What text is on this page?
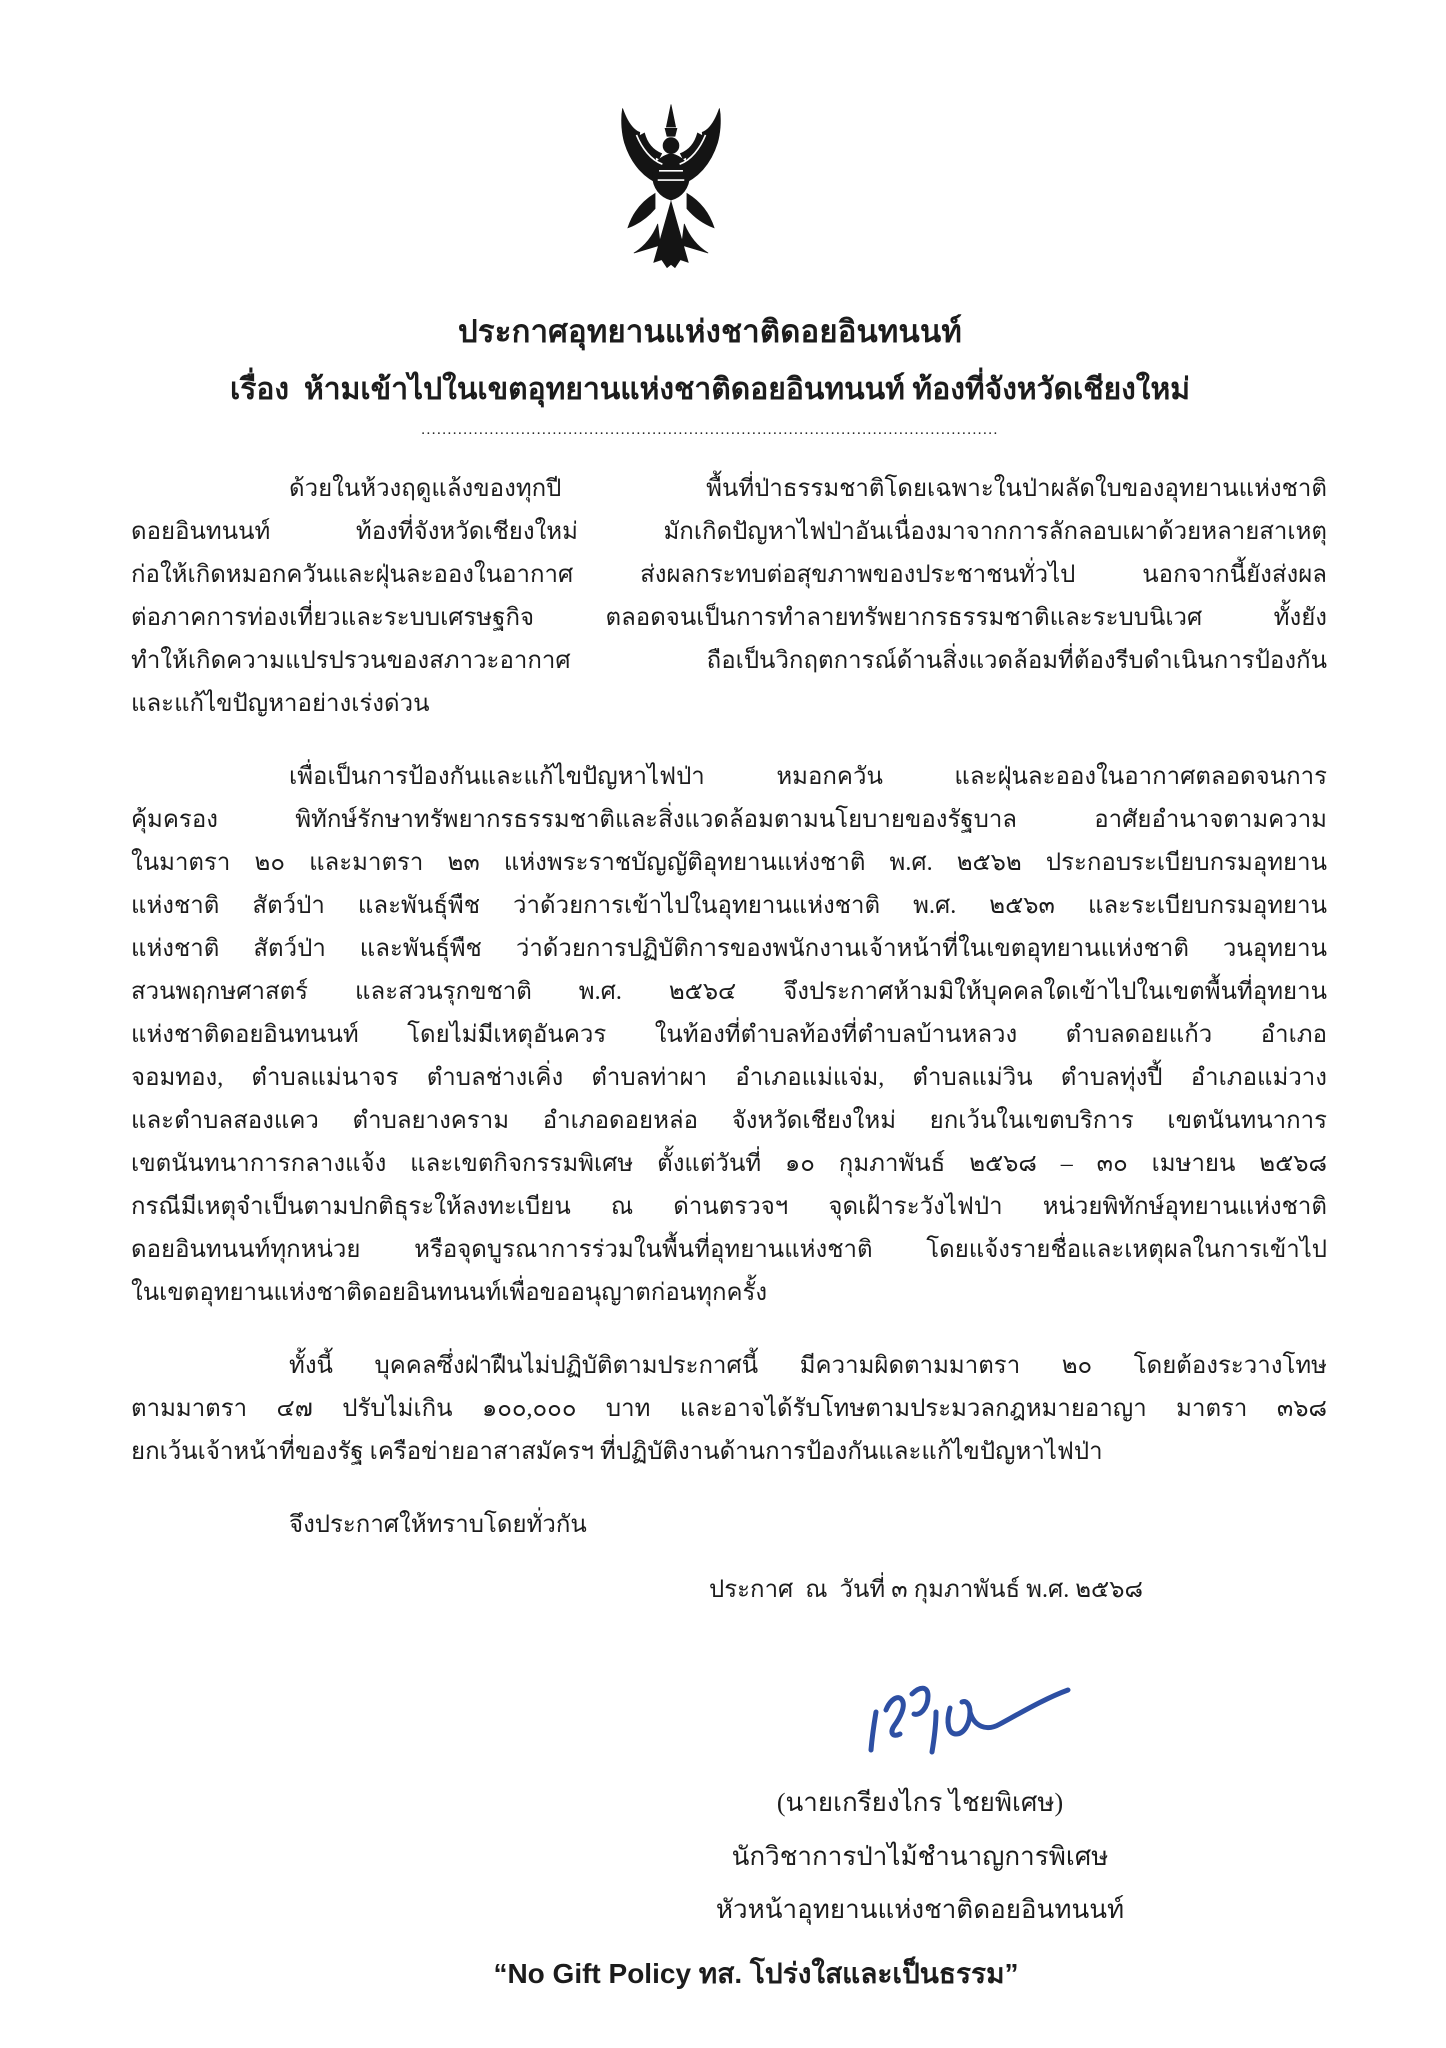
ประกาศอุทยานแห่งชาติดอยอินทนนท์
เรื่อง  ห้ามเข้าไปในเขตอุทยานแห่งชาติดอยอินทนนท์ ท้องที่จังหวัดเชียงใหม่
..............................................................................................................
ด้วยในห้วงฤดูแล้งของทุกปี พื้นที่ป่าธรรมชาติโดยเฉพาะในป่าผลัดใบของอุทยานแห่งชาติ
ดอยอินทนนท์ ท้องที่จังหวัดเชียงใหม่ มักเกิดปัญหาไฟป่าอันเนื่องมาจากการลักลอบเผาด้วยหลายสาเหตุ
ก่อให้เกิดหมอกควันและฝุ่นละอองในอากาศ ส่งผลกระทบต่อสุขภาพของประชาชนทั่วไป นอกจากนี้ยังส่งผล
ต่อภาคการท่องเที่ยวและระบบเศรษฐกิจ ตลอดจนเป็นการทำลายทรัพยากรธรรมชาติและระบบนิเวศ ทั้งยัง
ทำให้เกิดความแปรปรวนของสภาวะอากาศ ถือเป็นวิกฤตการณ์ด้านสิ่งแวดล้อมที่ต้องรีบดำเนินการป้องกัน
และแก้ไขปัญหาอย่างเร่งด่วน
เพื่อเป็นการป้องกันและแก้ไขปัญหาไฟป่า หมอกควัน และฝุ่นละอองในอากาศตลอดจนการ
คุ้มครอง พิทักษ์รักษาทรัพยากรธรรมชาติและสิ่งแวดล้อมตามนโยบายของรัฐบาล อาศัยอำนาจตามความ
ในมาตรา ๒๐ และมาตรา ๒๓ แห่งพระราชบัญญัติอุทยานแห่งชาติ พ.ศ. ๒๕๖๒ ประกอบระเบียบกรมอุทยาน
แห่งชาติ สัตว์ป่า และพันธุ์พืช ว่าด้วยการเข้าไปในอุทยานแห่งชาติ พ.ศ. ๒๕๖๓ และระเบียบกรมอุทยาน
แห่งชาติ สัตว์ป่า และพันธุ์พืช ว่าด้วยการปฏิบัติการของพนักงานเจ้าหน้าที่ในเขตอุทยานแห่งชาติ วนอุทยาน
สวนพฤกษศาสตร์ และสวนรุกขชาติ พ.ศ. ๒๕๖๔ จึงประกาศห้ามมิให้บุคคลใดเข้าไปในเขตพื้นที่อุทยาน
แห่งชาติดอยอินทนนท์ โดยไม่มีเหตุอันควร ในท้องที่ตำบลท้องที่ตำบลบ้านหลวง ตำบลดอยแก้ว อำเภอ
จอมทอง, ตำบลแม่นาจร ตำบลช่างเคิ่ง ตำบลท่าผา อำเภอแม่แจ่ม, ตำบลแม่วิน ตำบลทุ่งปี้ อำเภอแม่วาง
และตำบลสองแคว ตำบลยางคราม อำเภอดอยหล่อ จังหวัดเชียงใหม่ ยกเว้นในเขตบริการ เขตนันทนาการ
เขตนันทนาการกลางแจ้ง และเขตกิจกรรมพิเศษ ตั้งแต่วันที่ ๑๐ กุมภาพันธ์ ๒๕๖๘ – ๓๐ เมษายน ๒๕๖๘
กรณีมีเหตุจำเป็นตามปกติธุระให้ลงทะเบียน ณ ด่านตรวจฯ จุดเฝ้าระวังไฟป่า หน่วยพิทักษ์อุทยานแห่งชาติ
ดอยอินทนนท์ทุกหน่วย หรือจุดบูรณาการร่วมในพื้นที่อุทยานแห่งชาติ โดยแจ้งรายชื่อและเหตุผลในการเข้าไป
ในเขตอุทยานแห่งชาติดอยอินทนนท์เพื่อขออนุญาตก่อนทุกครั้ง
ทั้งนี้ บุคคลซึ่งฝ่าฝืนไม่ปฏิบัติตามประกาศนี้ มีความผิดตามมาตรา ๒๐ โดยต้องระวางโทษ
ตามมาตรา ๔๗ ปรับไม่เกิน ๑๐๐,๐๐๐ บาท และอาจได้รับโทษตามประมวลกฎหมายอาญา มาตรา ๓๖๘
ยกเว้นเจ้าหน้าที่ของรัฐ เครือข่ายอาสาสมัครฯ ที่ปฏิบัติงานด้านการป้องกันและแก้ไขปัญหาไฟป่า
จึงประกาศให้ทราบโดยทั่วกัน
ประกาศ  ณ  วันที่ ๓ กุมภาพันธ์ พ.ศ. ๒๕๖๘
(นายเกรียงไกร ไชยพิเศษ)
นักวิชาการป่าไม้ชำนาญการพิเศษ
หัวหน้าอุทยานแห่งชาติดอยอินทนนท์
“No Gift Policy ทส. โปร่งใสและเป็นธรรม”
